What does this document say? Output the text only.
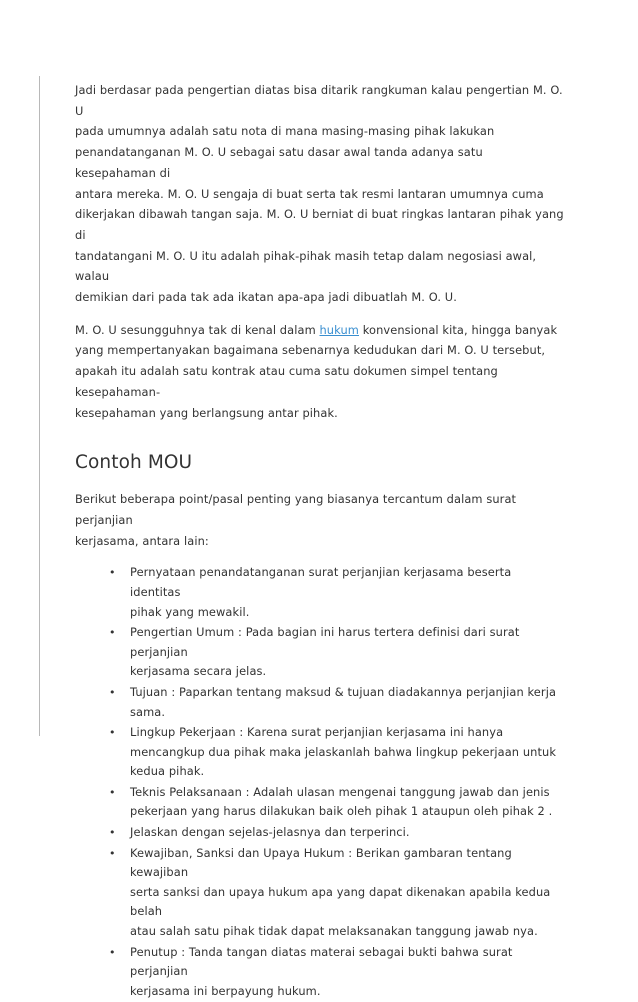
Jadi berdasar pada pengertian diatas bisa ditarik rangkuman kalau pengertian M. O. U
pada umumnya adalah satu nota di mana masing-masing pihak lakukan
penandatanganan M. O. U sebagai satu dasar awal tanda adanya satu kesepahaman di
antara mereka. M. O. U sengaja di buat serta tak resmi lantaran umumnya cuma
dikerjakan dibawah tangan saja. M. O. U berniat di buat ringkas lantaran pihak yang di
tandatangani M. O. U itu adalah pihak-pihak masih tetap dalam negosiasi awal, walau
demikian dari pada tak ada ikatan apa-apa jadi dibuatlah M. O. U.

M. O. U sesungguhnya tak di kenal dalam hukum konvensional kita, hingga banyak
yang mempertanyakan bagaimana sebenarnya kedudukan dari M. O. U tersebut,
apakah itu adalah satu kontrak atau cuma satu dokumen simpel tentang kesepahaman-
kesepahaman yang berlangsung antar pihak.

Contoh MOU

Berikut beberapa point/pasal penting yang biasanya tercantum dalam surat perjanjian
kerjasama, antara lain:

• Pernyataan penandatanganan surat perjanjian kerjasama beserta identitas
pihak yang mewakil.
• Pengertian Umum : Pada bagian ini harus tertera definisi dari surat perjanjian
kerjasama secara jelas.
• Tujuan : Paparkan tentang maksud & tujuan diadakannya perjanjian kerja
sama.
• Lingkup Pekerjaan : Karena surat perjanjian kerjasama ini hanya
mencangkup dua pihak maka jelaskanlah bahwa lingkup pekerjaan untuk
kedua pihak.
• Teknis Pelaksanaan : Adalah ulasan mengenai tanggung jawab dan jenis
pekerjaan yang harus dilakukan baik oleh pihak 1 ataupun oleh pihak 2 .
• Jelaskan dengan sejelas-jelasnya dan terperinci.
• Kewajiban, Sanksi dan Upaya Hukum : Berikan gambaran tentang kewajiban
serta sanksi dan upaya hukum apa yang dapat dikenakan apabila kedua belah
atau salah satu pihak tidak dapat melaksanakan tanggung jawab nya.
• Penutup : Tanda tangan diatas materai sebagai bukti bahwa surat perjanjian
kerjasama ini berpayung hukum.
